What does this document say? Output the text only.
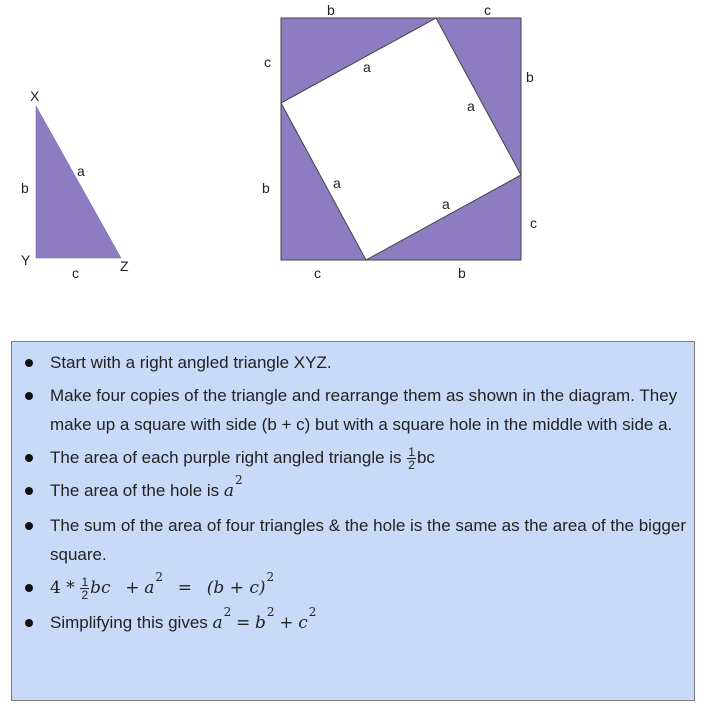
X
Y	Z
b
a
c
b	c
b
c
c
b
c	b
a
a
a
a
Start with a right angled triangle XYZ.
Make four copies of the triangle and rearrange them as shown in the diagram. They make up a square with side (b + c) but with a square hole in the middle with side a.
The area of each purple right angled triangle is $\frac{1}{2}$ bc
The area of the hole is $a^2$
The sum of the area of four triangles & the hole is the same as the area of the bigger square.
$4 * \frac{1}{2}$ bc + $a^2 = (b + c)^2$
Simplifying this gives $a^2 = b^2 + c^2$
